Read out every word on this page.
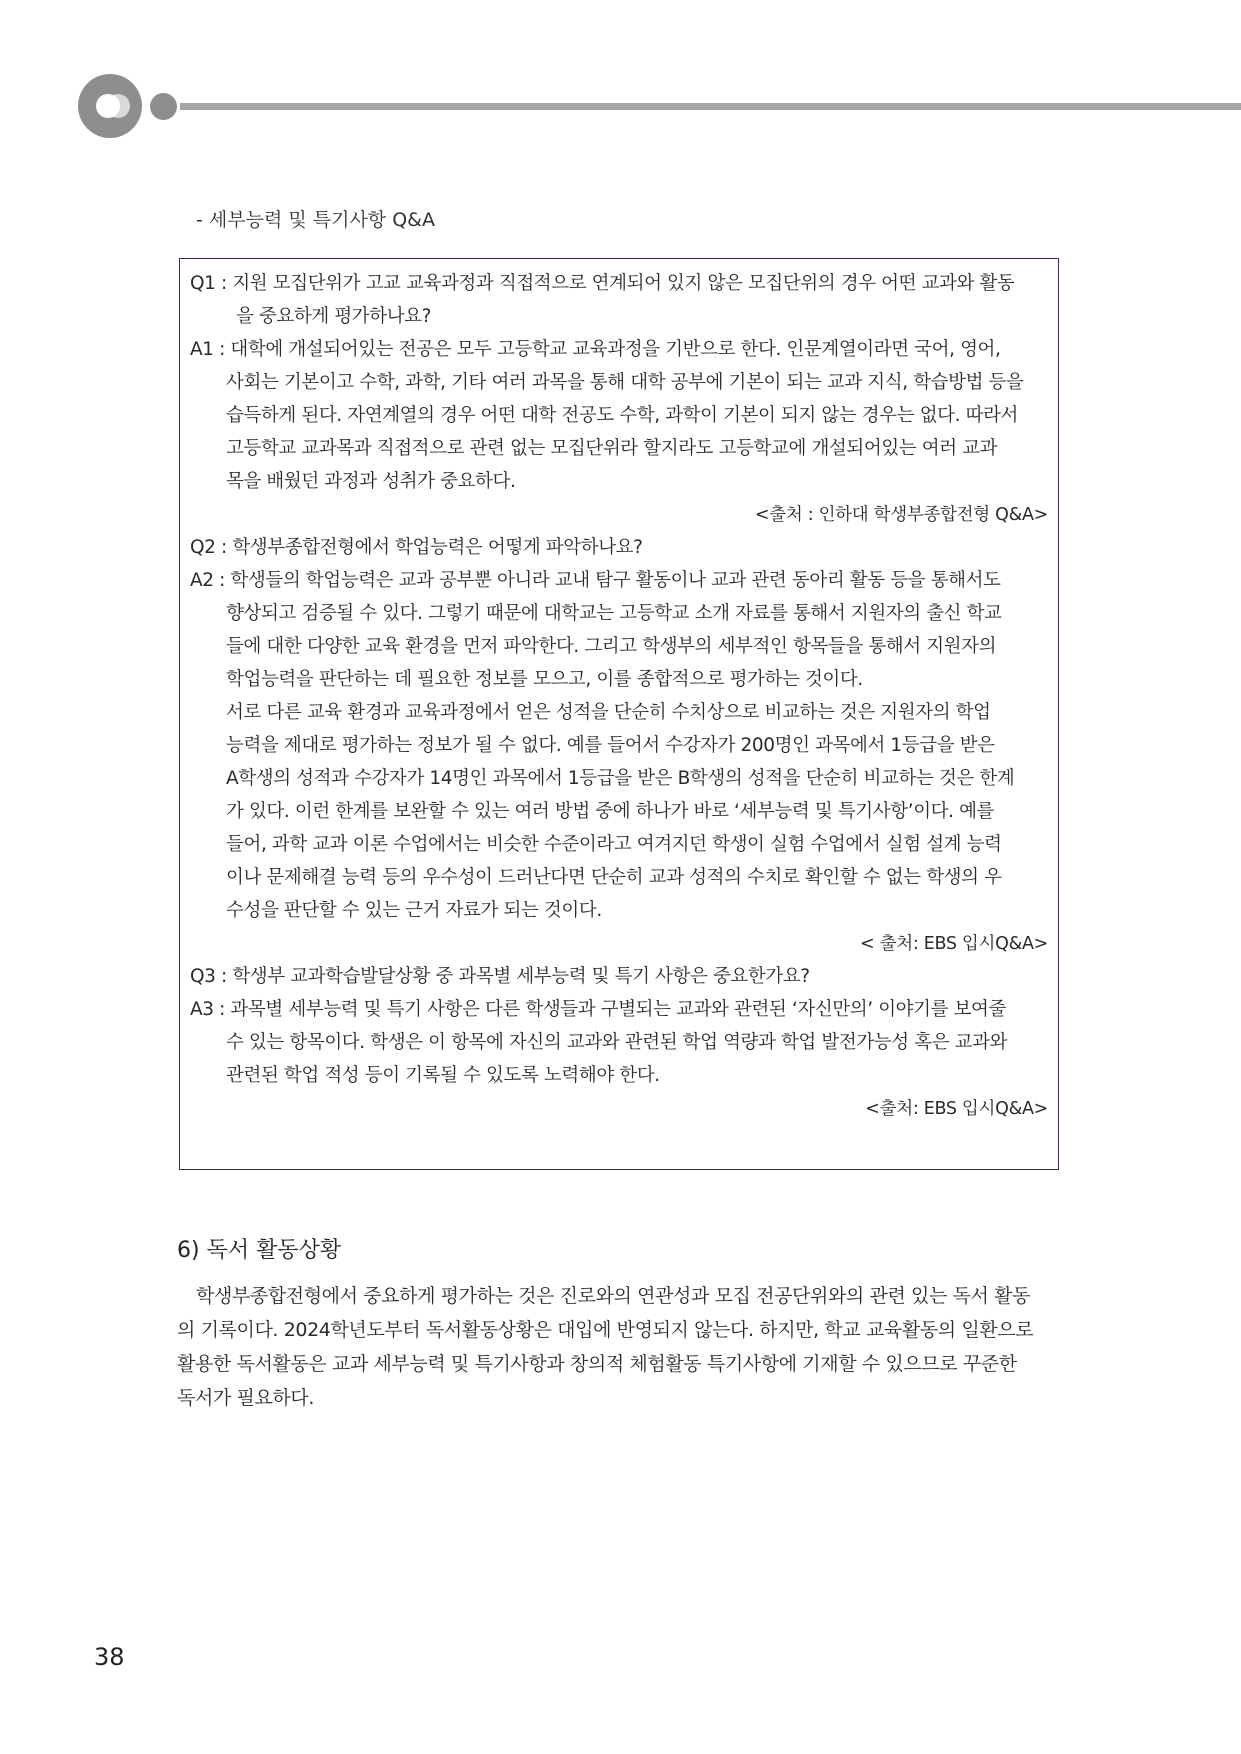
- 세부능력 및 특기사항 Q&A
Q1 : 지원 모집단위가 고교 교육과정과 직접적으로 연계되어 있지 않은 모집단위의 경우 어떤 교과와 활동
을 중요하게 평가하나요?
A1 : 대학에 개설되어있는 전공은 모두 고등학교 교육과정을 기반으로 한다. 인문계열이라면 국어, 영어,
사회는 기본이고 수학, 과학, 기타 여러 과목을 통해 대학 공부에 기본이 되는 교과 지식, 학습방법 등을
습득하게 된다. 자연계열의 경우 어떤 대학 전공도 수학, 과학이 기본이 되지 않는 경우는 없다. 따라서
고등학교 교과목과 직접적으로 관련 없는 모집단위라 할지라도 고등학교에 개설되어있는 여러 교과
목을 배웠던 과정과 성취가 중요하다.
<출처 : 인하대 학생부종합전형 Q&A>
Q2 : 학생부종합전형에서 학업능력은 어떻게 파악하나요?
A2 : 학생들의 학업능력은 교과 공부뿐 아니라 교내 탐구 활동이나 교과 관련 동아리 활동 등을 통해서도
향상되고 검증될 수 있다. 그렇기 때문에 대학교는 고등학교 소개 자료를 통해서 지원자의 출신 학교
들에 대한 다양한 교육 환경을 먼저 파악한다. 그리고 학생부의 세부적인 항목들을 통해서 지원자의
학업능력을 판단하는 데 필요한 정보를 모으고, 이를 종합적으로 평가하는 것이다.
서로 다른 교육 환경과 교육과정에서 얻은 성적을 단순히 수치상으로 비교하는 것은 지원자의 학업
능력을 제대로 평가하는 정보가 될 수 없다. 예를 들어서 수강자가 200명인 과목에서 1등급을 받은
A학생의 성적과 수강자가 14명인 과목에서 1등급을 받은 B학생의 성적을 단순히 비교하는 것은 한계
가 있다. 이런 한계를 보완할 수 있는 여러 방법 중에 하나가 바로 ‘세부능력 및 특기사항’이다. 예를
들어, 과학 교과 이론 수업에서는 비슷한 수준이라고 여겨지던 학생이 실험 수업에서 실험 설계 능력
이나 문제해결 능력 등의 우수성이 드러난다면 단순히 교과 성적의 수치로 확인할 수 없는 학생의 우
수성을 판단할 수 있는 근거 자료가 되는 것이다.
< 출처: EBS 입시Q&A>
Q3 : 학생부 교과학습발달상황 중 과목별 세부능력 및 특기 사항은 중요한가요?
A3 : 과목별 세부능력 및 특기 사항은 다른 학생들과 구별되는 교과와 관련된 ‘자신만의’ 이야기를 보여줄
수 있는 항목이다. 학생은 이 항목에 자신의 교과와 관련된 학업 역량과 학업 발전가능성 혹은 교과와
관련된 학업 적성 등이 기록될 수 있도록 노력해야 한다.
<출처: EBS 입시Q&A>
6) 독서 활동상황
학생부종합전형에서 중요하게 평가하는 것은 진로와의 연관성과 모집 전공단위와의 관련 있는 독서 활동
의 기록이다. 2024학년도부터 독서활동상황은 대입에 반영되지 않는다. 하지만, 학교 교육활동의 일환으로
활용한 독서활동은 교과 세부능력 및 특기사항과 창의적 체험활동 특기사항에 기재할 수 있으므로 꾸준한
독서가 필요하다.
38
